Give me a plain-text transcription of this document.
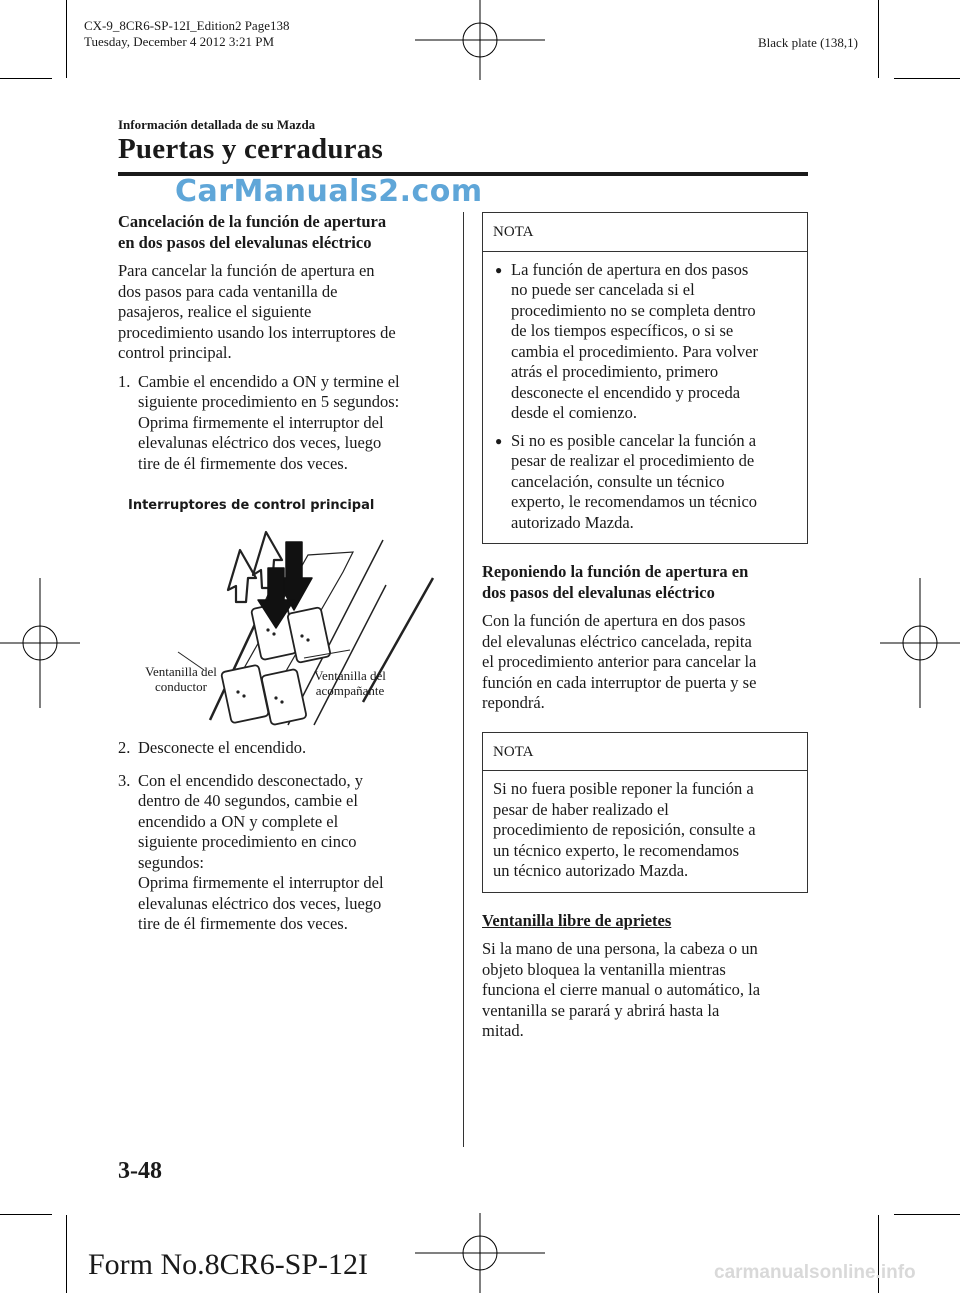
CX-9_8CR6-SP-12I_Edition2 Page138
Tuesday, December 4 2012 3:21 PM	Black plate (138,1)
Información detallada de su Mazda
Puertas y cerraduras
CarManuals2.com
Cancelación de la función de apertura
en dos pasos del elevalunas eléctrico
Para cancelar la función de apertura en
dos pasos para cada ventanilla de
pasajeros, realice el siguiente
procedimiento usando los interruptores de
control principal.
1. Cambie el encendido a ON y termine el
siguiente procedimiento en 5 segundos:
Oprima firmemente el interruptor del
elevalunas eléctrico dos veces, luego
tire de él firmemente dos veces.
Interruptores de control principal
Ventanilla del
conductor
Ventanilla del
acompañante
2. Desconecte el encendido.
3. Con el encendido desconectado, y
dentro de 40 segundos, cambie el
encendido a ON y complete el
siguiente procedimiento en cinco
segundos:
Oprima firmemente el interruptor del
elevalunas eléctrico dos veces, luego
tire de él firmemente dos veces.
NOTA
● La función de apertura en dos pasos
no puede ser cancelada si el
procedimiento no se completa dentro
de los tiempos específicos, o si se
cambia el procedimiento. Para volver
atrás el procedimiento, primero
desconecte el encendido y proceda
desde el comienzo.
● Si no es posible cancelar la función a
pesar de realizar el procedimiento de
cancelación, consulte un técnico
experto, le recomendamos un técnico
autorizado Mazda.
Reponiendo la función de apertura en
dos pasos del elevalunas eléctrico
Con la función de apertura en dos pasos
del elevalunas eléctrico cancelada, repita
el procedimiento anterior para cancelar la
función en cada interruptor de puerta y se
repondrá.
NOTA
Si no fuera posible reponer la función a
pesar de haber realizado el
procedimiento de reposición, consulte a
un técnico experto, le recomendamos
un técnico autorizado Mazda.
Ventanilla libre de aprietes
Si la mano de una persona, la cabeza o un
objeto bloquea la ventanilla mientras
funciona el cierre manual o automático, la
ventanilla se parará y abrirá hasta la
mitad.
3-48
Form No.8CR6-SP-12I	carmanualsonline.info
